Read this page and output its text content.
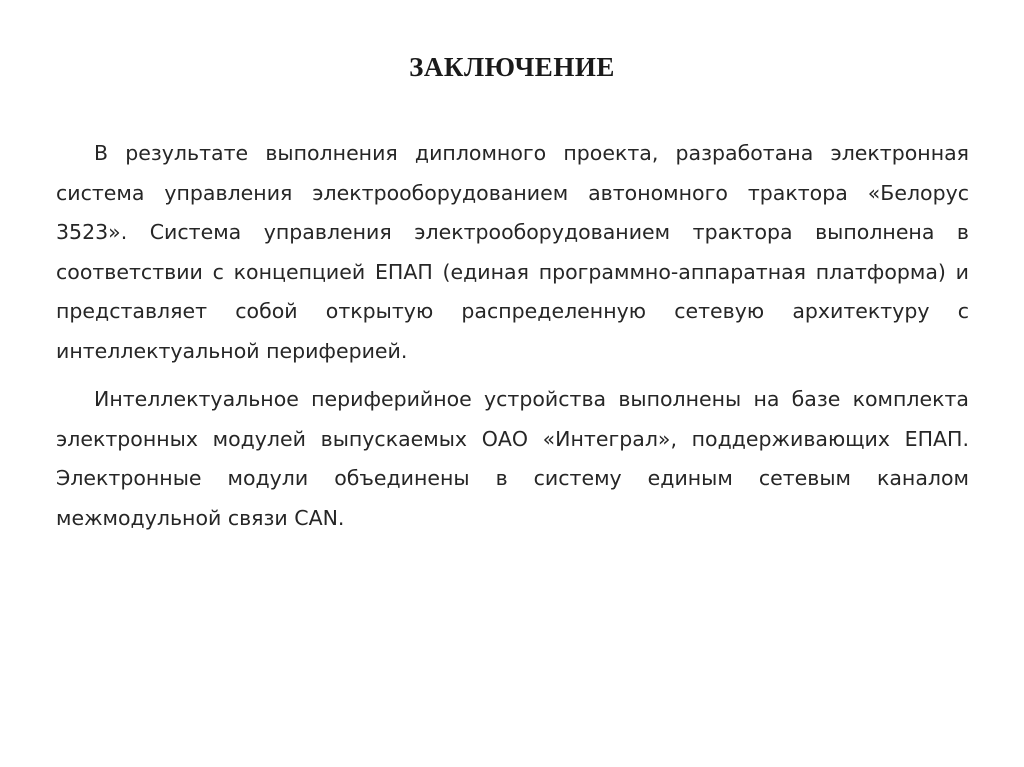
ЗАКЛЮЧЕНИЕ

В результате выполнения дипломного проекта, разработана электронная система управления электрооборудованием автономного трактора «Белорус 3523». Система управления электрооборудованием трактора выполнена в соответствии с концепцией ЕПАП (единая программно-аппаратная платформа) и представляет собой открытую распределенную сетевую архитектуру с интеллектуальной периферией.

Интеллектуальное периферийное устройства выполнены на базе комплекта электронных модулей выпускаемых ОАО «Интеграл», поддерживающих ЕПАП. Электронные модули объединены в систему единым сетевым каналом межмодульной связи CAN.
